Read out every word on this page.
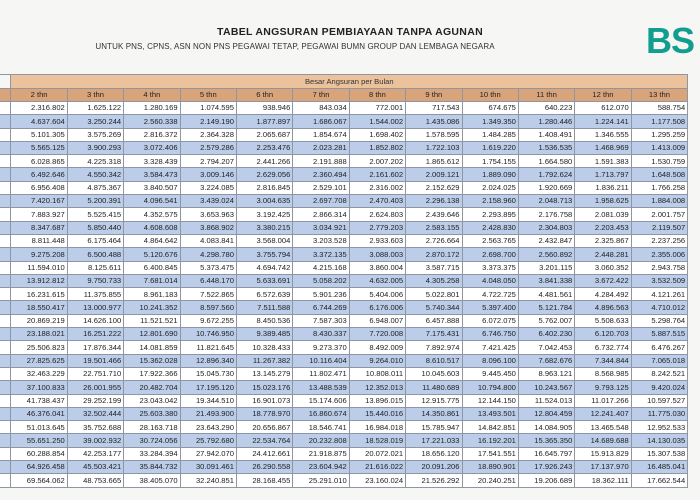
TABEL ANGSURAN PEMBIAYAAN TANPA AGUNAN
UNTUK PNS, CPNS, ASN NON PNS PEGAWAI TETAP, PEGAWAI BUMN GROUP DAN LEMBAGA NEGARA	BS
	Besar Angsuran per Bulan											
	2 thn	3 thn	4 thn	5 thn	6 thn	7 thn	8 thn	9 thn	10 thn	11 thn	12 thn	13 thn
	2.316.802	1.625.122	1.280.169	1.074.595	938.946	843.034	772.001	717.543	674.675	640.223	612.070	588.754
	4.637.604	3.250.244	2.560.338	2.149.190	1.877.897	1.686.067	1.544.002	1.435.086	1.349.350	1.280.446	1.224.141	1.177.508
	5.101.305	3.575.269	2.816.372	2.364.328	2.065.687	1.854.674	1.698.402	1.578.595	1.484.285	1.408.491	1.346.555	1.295.259
	5.565.125	3.900.293	3.072.406	2.579.286	2.253.476	2.023.281	1.852.802	1.722.103	1.619.220	1.536.535	1.468.969	1.413.009
	6.028.865	4.225.318	3.328.439	2.794.207	2.441.266	2.191.888	2.007.202	1.865.612	1.754.155	1.664.580	1.591.383	1.530.759
	6.492.646	4.550.342	3.584.473	3.009.146	2.629.056	2.360.494	2.161.602	2.009.121	1.889.090	1.792.624	1.713.797	1.648.508
	6.956.408	4.875.367	3.840.507	3.224.085	2.816.845	2.529.101	2.316.002	2.152.629	2.024.025	1.920.669	1.836.211	1.766.258
	7.420.167	5.200.391	4.096.541	3.439.024	3.004.635	2.697.708	2.470.403	2.296.138	2.158.960	2.048.713	1.958.625	1.884.008
	7.883.927	5.525.415	4.352.575	3.653.963	3.192.425	2.866.314	2.624.803	2.439.646	2.293.895	2.176.758	2.081.039	2.001.757
	8.347.687	5.850.440	4.608.608	3.868.902	3.380.215	3.034.921	2.779.203	2.583.155	2.428.830	2.304.803	2.203.453	2.119.507
	8.811.448	6.175.464	4.864.642	4.083.841	3.568.004	3.203.528	2.933.603	2.726.664	2.563.765	2.432.847	2.325.867	2.237.256
	9.275.208	6.500.488	5.120.676	4.298.780	3.755.794	3.372.135	3.088.003	2.870.172	2.698.700	2.560.892	2.448.281	2.355.006
	11.594.010	8.125.611	6.400.845	5.373.475	4.694.742	4.215.168	3.860.004	3.587.715	3.373.375	3.201.115	3.060.352	2.943.758
	13.912.812	9.750.733	7.681.014	6.448.170	5.633.691	5.058.202	4.632.005	4.305.258	4.048.050	3.841.338	3.672.422	3.532.509
	16.231.615	11.375.855	8.961.183	7.522.865	6.572.639	5.901.236	5.404.006	5.022.801	4.722.725	4.481.561	4.284.492	4.121.261
	18.550.417	13.000.977	10.241.352	8.597.560	7.511.588	6.744.269	6.176.006	5.740.344	5.397.400	5.121.784	4.896.563	4.710.012
	20.869.219	14.626.100	11.521.521	9.672.255	8.450.536	7.587.303	6.948.007	6.457.888	6.072.075	5.762.007	5.508.633	5.298.764
	23.188.021	16.251.222	12.801.690	10.746.950	9.389.485	8.430.337	7.720.008	7.175.431	6.746.750	6.402.230	6.120.703	5.887.515
	25.506.823	17.876.344	14.081.859	11.821.645	10.328.433	9.273.370	8.492.009	7.892.974	7.421.425	7.042.453	6.732.774	6.476.267
	27.825.625	19.501.466	15.362.028	12.896.340	11.267.382	10.116.404	9.264.010	8.610.517	8.096.100	7.682.676	7.344.844	7.065.018
	32.463.229	22.751.710	17.922.366	15.045.730	13.145.279	11.802.471	10.808.011	10.045.603	9.445.450	8.963.121	8.568.985	8.242.521
	37.100.833	26.001.955	20.482.704	17.195.120	15.023.176	13.488.539	12.352.013	11.480.689	10.794.800	10.243.567	9.793.125	9.420.024
	41.738.437	29.252.199	23.043.042	19.344.510	16.901.073	15.174.606	13.896.015	12.915.775	12.144.150	11.524.013	11.017.266	10.597.527
	46.376.041	32.502.444	25.603.380	21.493.900	18.778.970	16.860.674	15.440.016	14.350.861	13.493.501	12.804.459	12.241.407	11.775.030
	51.013.645	35.752.688	28.163.718	23.643.290	20.656.867	18.546.741	16.984.018	15.785.947	14.842.851	14.084.905	13.465.548	12.952.533
	55.651.250	39.002.932	30.724.056	25.792.680	22.534.764	20.232.808	18.528.019	17.221.033	16.192.201	15.365.350	14.689.688	14.130.035
	60.288.854	42.253.177	33.284.394	27.942.070	24.412.661	21.918.875	20.072.021	18.656.120	17.541.551	16.645.797	15.913.829	15.307.538
	64.926.458	45.503.421	35.844.732	30.091.461	26.290.558	23.604.942	21.616.022	20.091.206	18.890.901	17.926.243	17.137.970	16.485.041
	69.564.062	48.753.665	38.405.070	32.240.851	28.168.455	25.291.010	23.160.024	21.526.292	20.240.251	19.206.689	18.362.111	17.662.544
